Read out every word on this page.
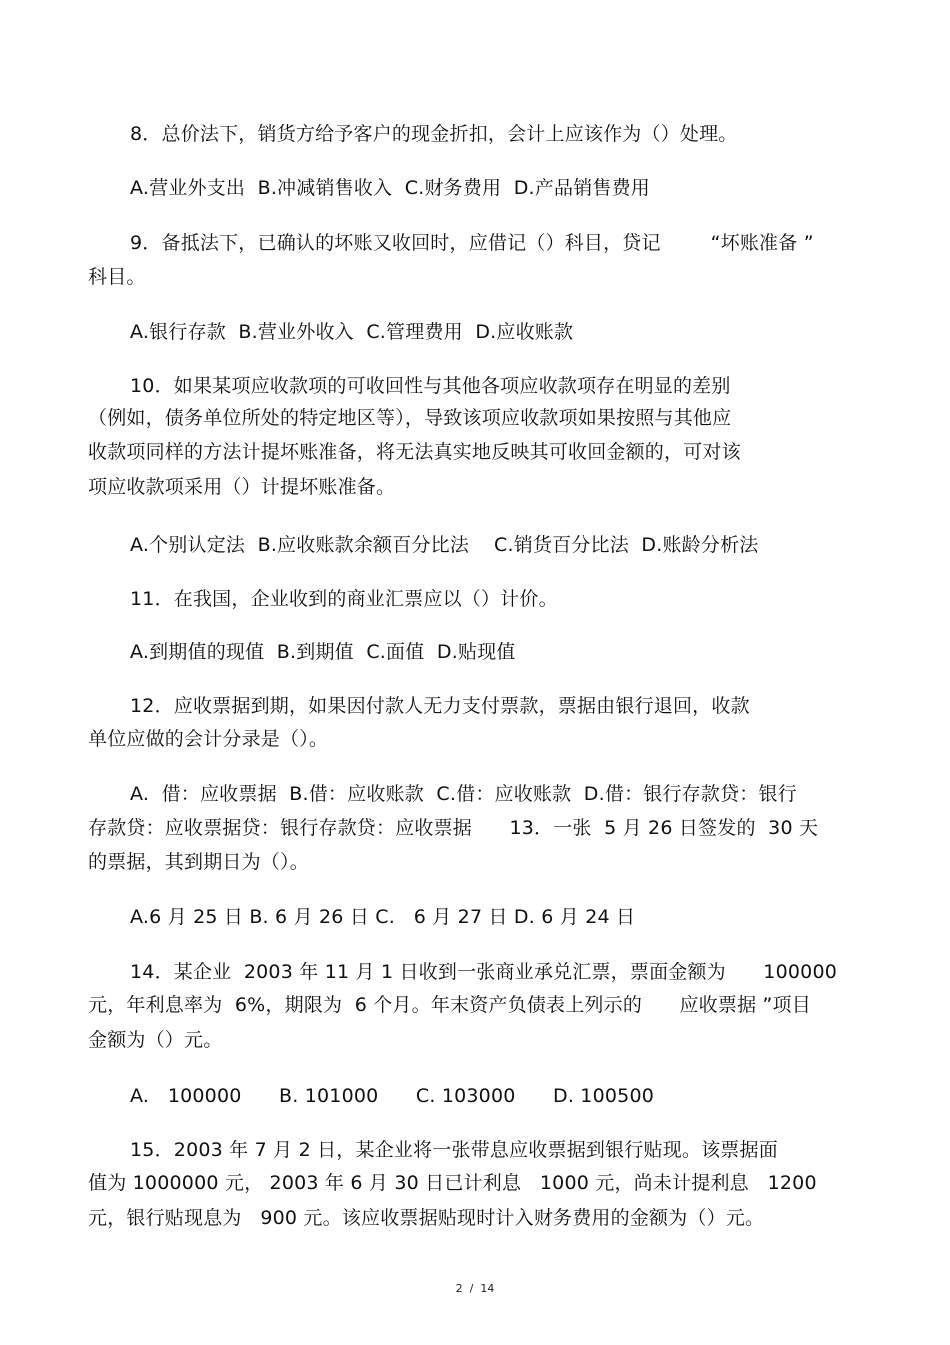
8．总价法下，销货方给予客户的现金折扣，会计上应该作为（）处理。
A.营业外支出  B.冲减销售收入  C.财务费用  D.产品销售费用
9．备抵法下，已确认的坏账又收回时，应借记（）科目，贷记        “坏账准备 ”
科目。
A.银行存款  B.营业外收入  C.管理费用  D.应收账款
10．如果某项应收款项的可收回性与其他各项应收款项存在明显的差别
（例如，债务单位所处的特定地区等），导致该项应收款项如果按照与其他应
收款项同样的方法计提坏账准备，将无法真实地反映其可收回金额的，可对该
项应收款项采用（）计提坏账准备。
A.个别认定法  B.应收账款余额百分比法    C.销货百分比法  D.账龄分析法
11．在我国，企业收到的商业汇票应以（）计价。
A.到期值的现值  B.到期值  C.面值  D.贴现值
12．应收票据到期，如果因付款人无力支付票款，票据由银行退回，收款
单位应做的会计分录是（）。
A.  借：应收票据  B.借：应收账款  C.借：应收账款  D.借：银行存款贷：银行
存款贷：应收票据贷：银行存款贷：应收票据      13．一张  5 月 26 日签发的  30 天
的票据，其到期日为（）。
A.6 月 25 日 B. 6 月 26 日 C.   6 月 27 日 D. 6 月 24 日
14．某企业  2003 年 11 月 1 日收到一张商业承兑汇票，票面金额为      100000
元，年利息率为  6%，期限为  6 个月。年末资产负债表上列示的      应收票据 ”项目
金额为（）元。
A.   100000      B. 101000      C. 103000      D. 100500
15．2003 年 7 月 2 日，某企业将一张带息应收票据到银行贴现。该票据面
值为 1000000 元， 2003 年 6 月 30 日已计利息   1000 元，尚未计提利息   1200
元，银行贴现息为   900 元。该应收票据贴现时计入财务费用的金额为（）元。
2  /  14
